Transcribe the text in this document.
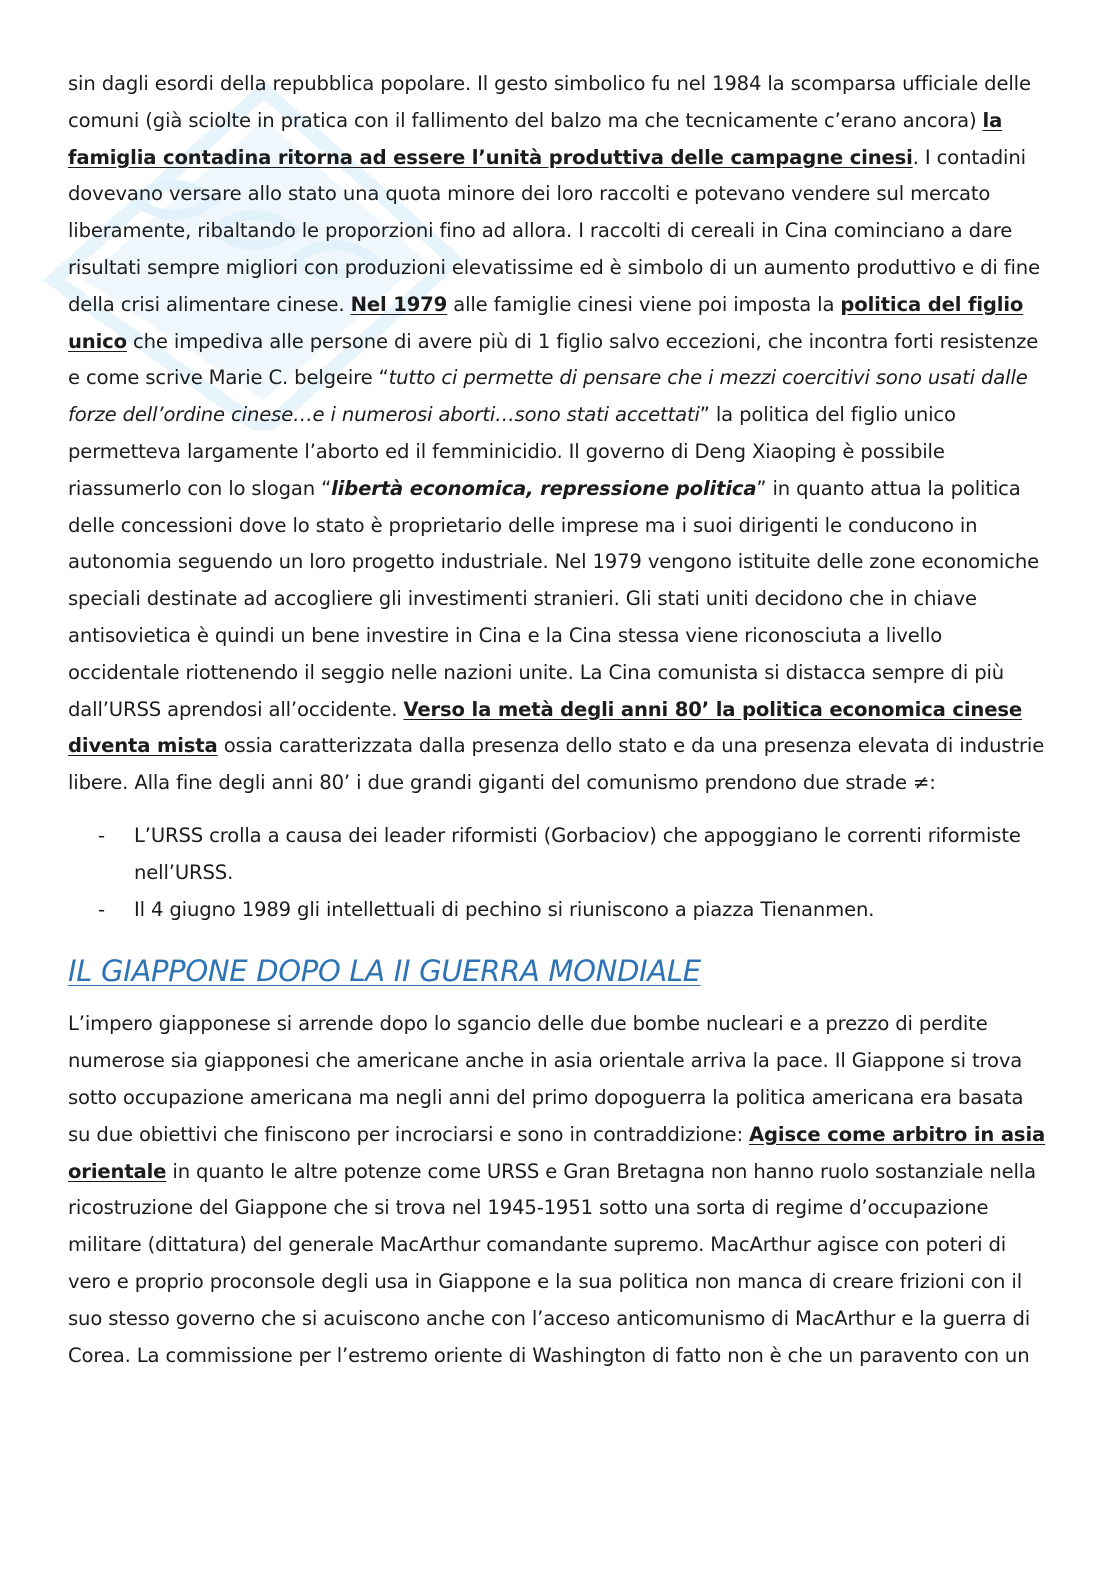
sin dagli esordi della repubblica popolare. Il gesto simbolico fu nel 1984 la scomparsa ufficiale delle comuni (già sciolte in pratica con il fallimento del balzo ma che tecnicamente c’erano ancora) la famiglia contadina ritorna ad essere l’unità produttiva delle campagne cinesi. I contadini dovevano versare allo stato una quota minore dei loro raccolti e potevano vendere sul mercato liberamente, ribaltando le proporzioni fino ad allora. I raccolti di cereali in Cina cominciano a dare risultati sempre migliori con produzioni elevatissime ed è simbolo di un aumento produttivo e di fine della crisi alimentare cinese. Nel 1979 alle famiglie cinesi viene poi imposta la politica del figlio unico che impediva alle persone di avere più di 1 figlio salvo eccezioni, che incontra forti resistenze e come scrive Marie C. belgeire “tutto ci permette di pensare che i mezzi coercitivi sono usati dalle forze dell’ordine cinese…e i numerosi aborti…sono stati accettati” la politica del figlio unico permetteva largamente l’aborto ed il femminicidio. Il governo di Deng Xiaoping è possibile riassumerlo con lo slogan “libertà economica, repressione politica” in quanto attua la politica delle concessioni dove lo stato è proprietario delle imprese ma i suoi dirigenti le conducono in autonomia seguendo un loro progetto industriale. Nel 1979 vengono istituite delle zone economiche speciali destinate ad accogliere gli investimenti stranieri. Gli stati uniti decidono che in chiave antisovietica è quindi un bene investire in Cina e la Cina stessa viene riconosciuta a livello occidentale riottenendo il seggio nelle nazioni unite. La Cina comunista si distacca sempre di più dall’URSS aprendosi all’occidente. Verso la metà degli anni 80’ la politica economica cinese diventa mista ossia caratterizzata dalla presenza dello stato e da una presenza elevata di industrie libere. Alla fine degli anni 80’ i due grandi giganti del comunismo prendono due strade ≠:

- L’URSS crolla a causa dei leader riformisti (Gorbaciov) che appoggiano le correnti riformiste nell’URSS.
- Il 4 giugno 1989 gli intellettuali di pechino si riuniscono a piazza Tienanmen.
IL GIAPPONE DOPO LA II GUERRA MONDIALE

L’impero giapponese si arrende dopo lo sgancio delle due bombe nucleari e a prezzo di perdite numerose sia giapponesi che americane anche in asia orientale arriva la pace. Il Giappone si trova sotto occupazione americana ma negli anni del primo dopoguerra la politica americana era basata su due obiettivi che finiscono per incrociarsi e sono in contraddizione: Agisce come arbitro in asia orientale in quanto le altre potenze come URSS e Gran Bretagna non hanno ruolo sostanziale nella ricostruzione del Giappone che si trova nel 1945-1951 sotto una sorta di regime d’occupazione militare (dittatura) del generale MacArthur comandante supremo. MacArthur agisce con poteri di vero e proprio proconsole degli usa in Giappone e la sua politica non manca di creare frizioni con il suo stesso governo che si acuiscono anche con l’acceso anticomunismo di MacArthur e la guerra di Corea. La commissione per l’estremo oriente di Washington di fatto non è che un paravento con un
